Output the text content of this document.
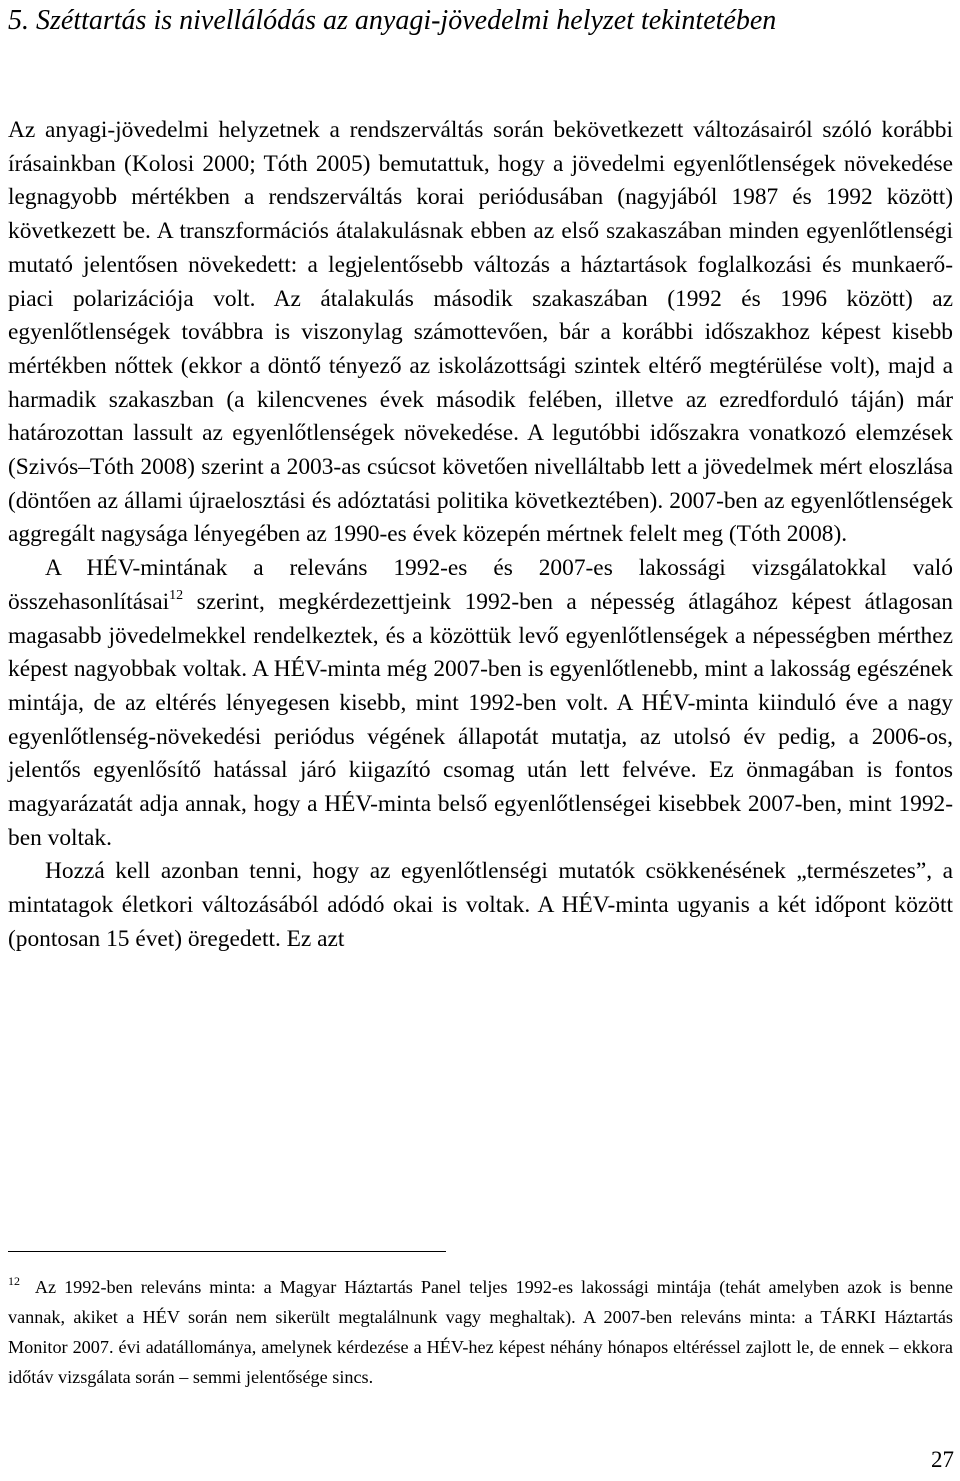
5. Széttartás is nivellálódás az anyagi-jövedelmi helyzet tekintetében

Az anyagi-jövedelmi helyzetnek a rendszerváltás során bekövetkezett változásairól szóló korábbi írásainkban (Kolosi 2000; Tóth 2005) bemutattuk, hogy a jövedelmi egyenlőtlenségek növekedése legnagyobb mértékben a rendszerváltás korai periódusában (nagyjából 1987 és 1992 között) következett be. A transzformációs átalakulásnak ebben az első szakaszában minden egyenlőtlenségi mutató jelentősen növekedett: a legjelentősebb változás a háztartások foglalkozási és munkaerő-piaci polarizációja volt. Az átalakulás második szakaszában (1992 és 1996 között) az egyenlőtlenségek továbbra is viszonylag számottevően, bár a korábbi időszakhoz képest kisebb mértékben nőttek (ekkor a döntő tényező az iskolázottsági szintek eltérő megtérülése volt), majd a harmadik szakaszban (a kilencvenes évek második felében, illetve az ezredforduló táján) már határozottan lassult az egyenlőtlenségek növekedése. A legutóbbi időszakra vonatkozó elemzések (Szivós–Tóth 2008) szerint a 2003-as csúcsot követően nivelláltabb lett a jövedelmek mért eloszlása (döntően az állami újraelosztási és adóztatási politika következtében). 2007-ben az egyenlőtlenségek aggregált nagysága lényegében az 1990-es évek közepén mértnek felelt meg (Tóth 2008).

A HÉV-mintának a releváns 1992-es és 2007-es lakossági vizsgálatokkal való összehasonlításai$^{12}$ szerint, megkérdezettjeink 1992-ben a népesség átlagához képest átlagosan magasabb jövedelmekkel rendelkeztek, és a közöttük levő egyenlőtlenségek a népességben mérthez képest nagyobbak voltak. A HÉV-minta még 2007-ben is egyenlőtlenebb, mint a lakosság egészének mintája, de az eltérés lényegesen kisebb, mint 1992-ben volt. A HÉV-minta kiinduló éve a nagy egyenlőtlenség-növekedési periódus végének állapotát mutatja, az utolsó év pedig, a 2006-os, jelentős egyenlősítő hatással járó kiigazító csomag után lett felvéve. Ez önmagában is fontos magyarázatát adja annak, hogy a HÉV-minta belső egyenlőtlenségei kisebbek 2007-ben, mint 1992-ben voltak.

Hozzá kell azonban tenni, hogy az egyenlőtlenségi mutatók csökkenésének „természetes”, a mintatagok életkori változásából adódó okai is voltak. A HÉV-minta ugyanis a két időpont között (pontosan 15 évet) öregedett. Ez azt

$^{12}$ Az 1992-ben releváns minta: a Magyar Háztartás Panel teljes 1992-es lakossági mintája (tehát amelyben azok is benne vannak, akiket a HÉV során nem sikerült megtalálnunk vagy meghaltak). A 2007-ben releváns minta: a TÁRKI Háztartás Monitor 2007. évi adatállománya, amelynek kérdezése a HÉV-hez képest néhány hónapos eltéréssel zajlott le, de ennek – ekkora időtáv vizsgálata során – semmi jelentősége sincs.
27
